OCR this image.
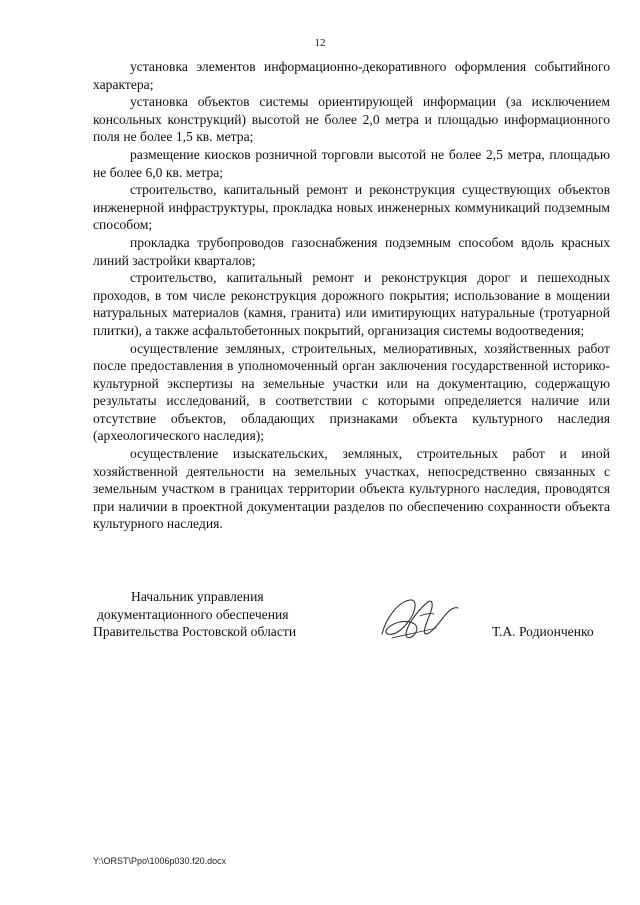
12

установка элементов информационно-декоративного оформления событийного характера;

установка объектов системы ориентирующей информации (за исключением консольных конструкций) высотой не более 2,0 метра и площадью информационного поля не более 1,5 кв. метра;

размещение киосков розничной торговли высотой не более 2,5 метра, площадью не более 6,0 кв. метра;

строительство, капитальный ремонт и реконструкция существующих объектов инженерной инфраструктуры, прокладка новых инженерных коммуникаций подземным способом;

прокладка трубопроводов газоснабжения подземным способом вдоль красных линий застройки кварталов;

строительство, капитальный ремонт и реконструкция дорог и пешеходных проходов, в том числе реконструкция дорожного покрытия; использование в мощении натуральных материалов (камня, гранита) или имитирующих натуральные (тротуарной плитки), а также асфальтобетонных покрытий, организация системы водоотведения;

осуществление земляных, строительных, мелиоративных, хозяйственных работ после предоставления в уполномоченный орган заключения государственной историко-культурной экспертизы на земельные участки или на документацию, содержащую результаты исследований, в соответствии с которыми определяется наличие или отсутствие объектов, обладающих признаками объекта культурного наследия (археологического наследия);

осуществление изыскательских, земляных, строительных работ и иной хозяйственной деятельности на земельных участках, непосредственно связанных с земельным участком в границах территории объекта культурного наследия, проводятся при наличии в проектной документации разделов по обеспечению сохранности объекта культурного наследия.

Начальник управления
документационного обеспечения
Правительства Ростовской области	Т.А. Родионченко
Y:\ORST\Ppo\1006p030.f20.docx
